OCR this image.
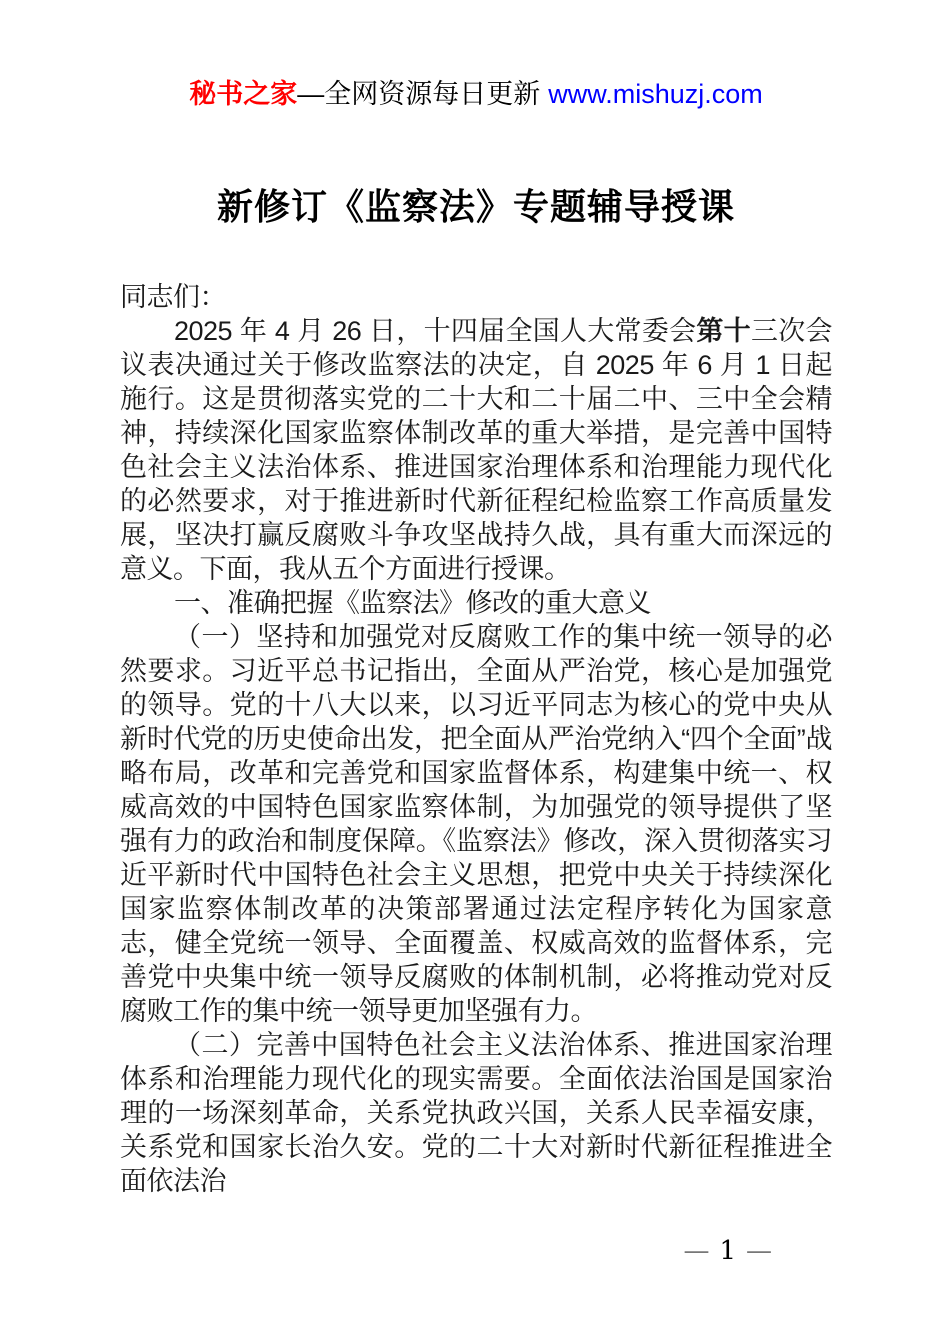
秘书之家—全网资源每日更新 www.mishuzj.com
新修订《监察法》专题辅导授课

同志们：

2025 年 4 月 26 日，十四届全国人大常委会第十三次会议表决通过关于修改监察法的决定，自 2025 年 6 月 1 日起施行。这是贯彻落实党的二十大和二十届二中、三中全会精神，持续深化国家监察体制改革的重大举措，是完善中国特色社会主义法治体系、推进国家治理体系和治理能力现代化的必然要求，对于推进新时代新征程纪检监察工作高质量发展，坚决打赢反腐败斗争攻坚战持久战，具有重大而深远的意义。下面，我从五个方面进行授课。

一、准确把握《监察法》修改的重大意义

（一）坚持和加强党对反腐败工作的集中统一领导的必然要求。习近平总书记指出，全面从严治党，核心是加强党的领导。党的十八大以来，以习近平同志为核心的党中央从新时代党的历史使命出发，把全面从严治党纳入“四个全面”战略布局，改革和完善党和国家监督体系，构建集中统一、权威高效的中国特色国家监察体制，为加强党的领导提供了坚强有力的政治和制度保障。《监察法》修改，深入贯彻落实习近平新时代中国特色社会主义思想，把党中央关于持续深化国家监察体制改革的决策部署通过法定程序转化为国家意志，健全党统一领导、全面覆盖、权威高效的监督体系，完善党中央集中统一领导反腐败的体制机制，必将推动党对反腐败工作的集中统一领导更加坚强有力。

（二）完善中国特色社会主义法治体系、推进国家治理体系和治理能力现代化的现实需要。全面依法治国是国家治理的一场深刻革命，关系党执政兴国，关系人民幸福安康，关系党和国家长治久安。党的二十大对新时代新征程推进全面依法治

— 1 —
